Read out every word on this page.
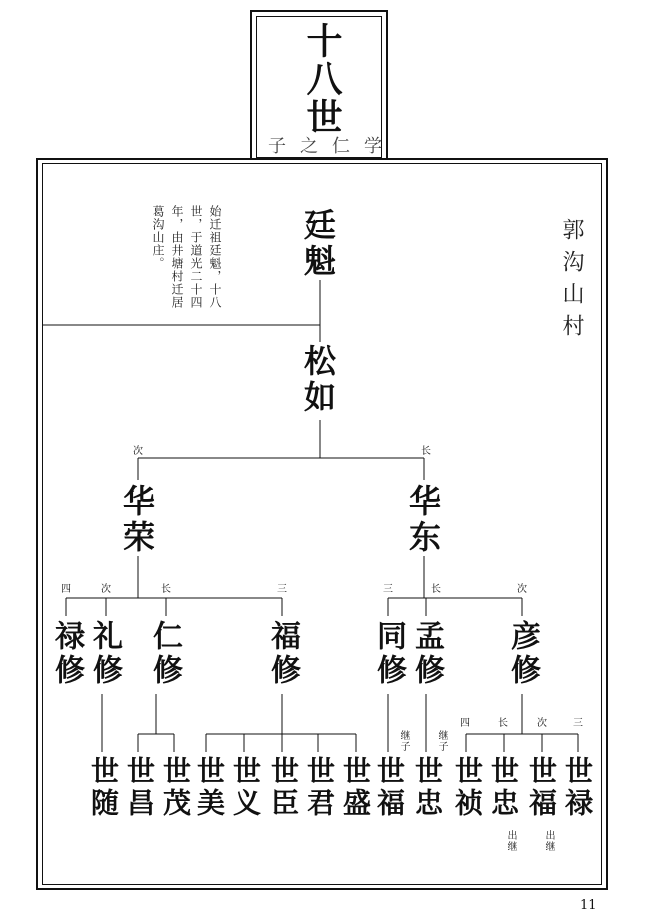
十八世
子之仁学
郭沟山村
始迁祖廷魁，十八世，于道光二十四年，由井塘村迁居葛沟山庄。	廷魁
松如
次
华荣
长
华东
四	次	长	三	三	长	次
禄修 礼修 仁修	福修 同修 孟修 彦修
继子	继子
四	长	次	三
世随 世昌 世茂 世美 世义 世臣 世君 世盛 世福 世忠 世祯 世忠 世福 世禄
出继	出继
11
